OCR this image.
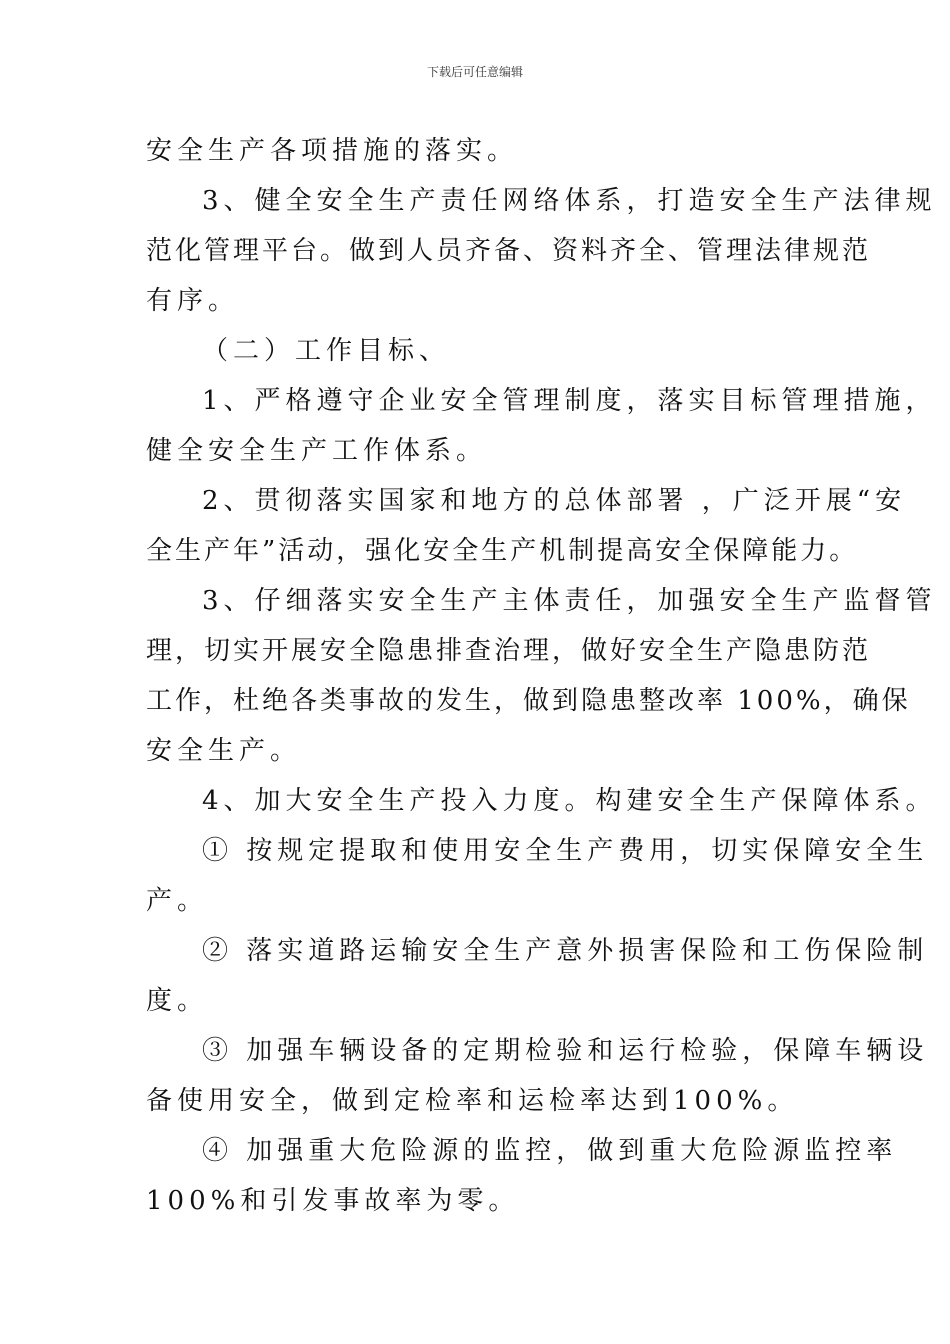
下载后可任意编辑
安全生产各项措施的落实。
3、健全安全生产责任网络体系，打造安全生产法律规
范化管理平台。做到人员齐备、资料齐全、管理法律规范
有序。
（二）工作目标、
1、严格遵守企业安全管理制度，落实目标管理措施，
健全安全生产工作体系。
2、贯彻落实国家和地方的总体部署 ，广泛开展“安
全生产年”活动，强化安全生产机制提高安全保障能力。
3、仔细落实安全生产主体责任，加强安全生产监督管
理，切实开展安全隐患排查治理，做好安全生产隐患防范
工作，杜绝各类事故的发生，做到隐患整改率 100%，确保
安全生产。
4、加大安全生产投入力度。构建安全生产保障体系。
① 按规定提取和使用安全生产费用，切实保障安全生
产。
② 落实道路运输安全生产意外损害保险和工伤保险制
度。
③ 加强车辆设备的定期检验和运行检验，保障车辆设
备使用安全，做到定检率和运检率达到100%。
④ 加强重大危险源的监控，做到重大危险源监控率
100%和引发事故率为零。
